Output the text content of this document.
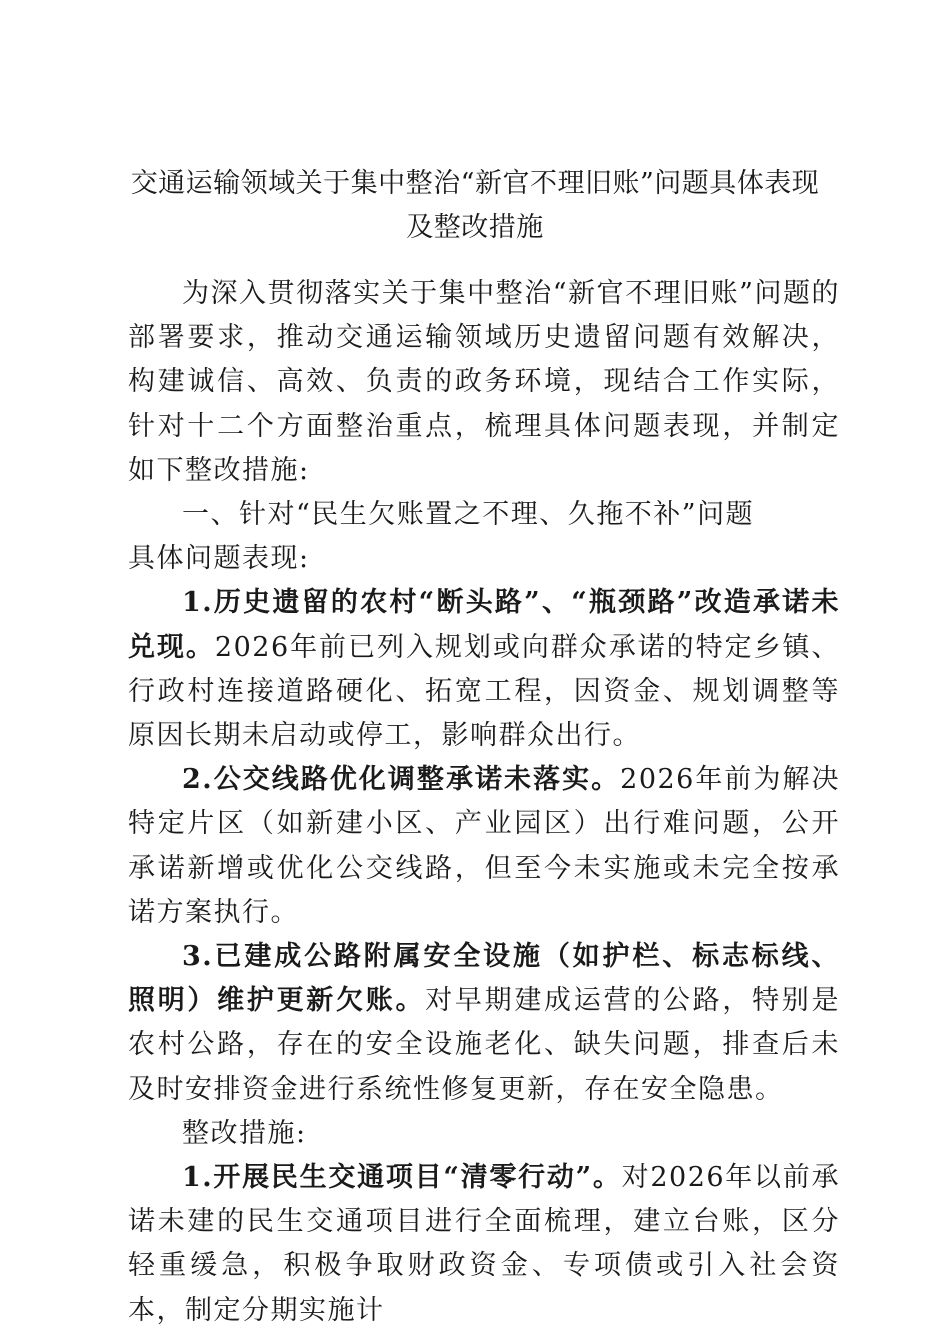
交通运输领域关于集中整治“新官不理旧账”问题具体表现及整改措施

为深入贯彻落实关于集中整治“新官不理旧账”问题的部署要求，推动交通运输领域历史遗留问题有效解决，构建诚信、高效、负责的政务环境，现结合工作实际，针对十二个方面整治重点，梳理具体问题表现，并制定如下整改措施:

一、针对“民生欠账置之不理、久拖不补”问题

具体问题表现:

1.历史遗留的农村“断头路”、“瓶颈路”改造承诺未兑现。2026年前已列入规划或向群众承诺的特定乡镇、行政村连接道路硬化、拓宽工程，因资金、规划调整等原因长期未启动或停工，影响群众出行。

2.公交线路优化调整承诺未落实。2026年前为解决特定片区（如新建小区、产业园区）出行难问题，公开承诺新增或优化公交线路，但至今未实施或未完全按承诺方案执行。

3.已建成公路附属安全设施（如护栏、标志标线、照明）维护更新欠账。对早期建成运营的公路，特别是农村公路，存在的安全设施老化、缺失问题，排查后未及时安排资金进行系统性修复更新，存在安全隐患。

整改措施:

1.开展民生交通项目“清零行动”。对2026年以前承诺未建的民生交通项目进行全面梳理，建立台账，区分轻重缓急，积极争取财政资金、专项债或引入社会资本，制定分期实施计
